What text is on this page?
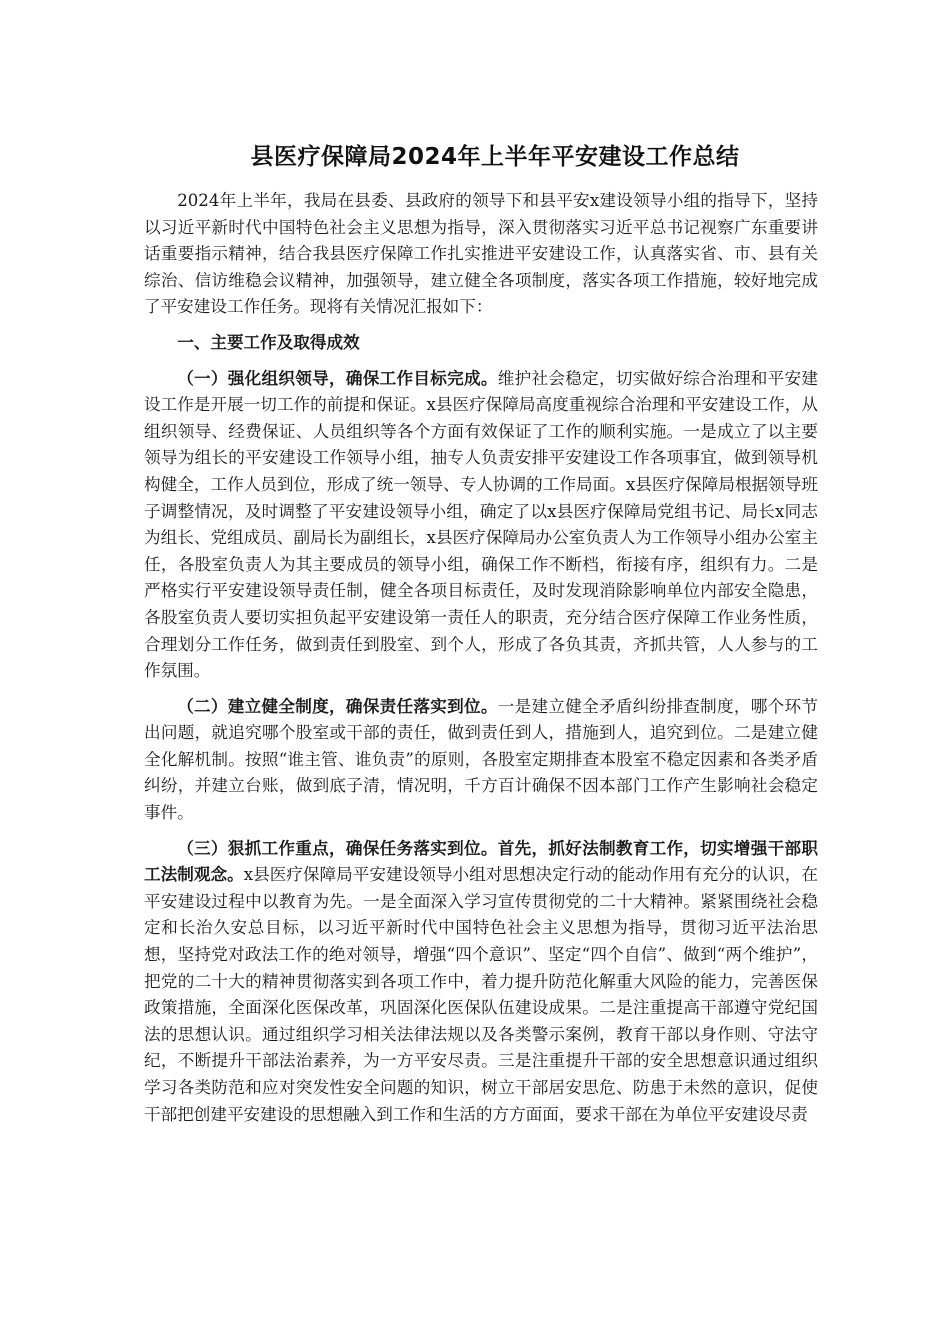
县医疗保障局2024年上半年平安建设工作总结

2024年上半年，我局在县委、县政府的领导下和县平安x建设领导小组的指导下，坚持以习近平新时代中国特色社会主义思想为指导，深入贯彻落实习近平总书记视察广东重要讲话重要指示精神，结合我县医疗保障工作扎实推进平安建设工作，认真落实省、市、县有关综治、信访维稳会议精神，加强领导，建立健全各项制度，落实各项工作措施，较好地完成了平安建设工作任务。现将有关情况汇报如下：

一、主要工作及取得成效

（一）强化组织领导，确保工作目标完成。维护社会稳定，切实做好综合治理和平安建设工作是开展一切工作的前提和保证。x县医疗保障局高度重视综合治理和平安建设工作，从组织领导、经费保证、人员组织等各个方面有效保证了工作的顺利实施。一是成立了以主要领导为组长的平安建设工作领导小组，抽专人负责安排平安建设工作各项事宜，做到领导机构健全，工作人员到位，形成了统一领导、专人协调的工作局面。x县医疗保障局根据领导班子调整情况，及时调整了平安建设领导小组，确定了以x县医疗保障局党组书记、局长x同志为组长、党组成员、副局长为副组长，x县医疗保障局办公室负责人为工作领导小组办公室主任，各股室负责人为其主要成员的领导小组，确保工作不断档，衔接有序，组织有力。二是严格实行平安建设领导责任制，健全各项目标责任，及时发现消除影响单位内部安全隐患，各股室负责人要切实担负起平安建设第一责任人的职责，充分结合医疗保障工作业务性质，合理划分工作任务，做到责任到股室、到个人，形成了各负其责，齐抓共管，人人参与的工作氛围。

（二）建立健全制度，确保责任落实到位。一是建立健全矛盾纠纷排查制度，哪个环节出问题，就追究哪个股室或干部的责任，做到责任到人，措施到人，追究到位。二是建立健全化解机制。按照“谁主管、谁负责”的原则，各股室定期排查本股室不稳定因素和各类矛盾纠纷，并建立台账，做到底子清，情况明，千方百计确保不因本部门工作产生影响社会稳定事件。

（三）狠抓工作重点，确保任务落实到位。首先，抓好法制教育工作，切实增强干部职工法制观念。x县医疗保障局平安建设领导小组对思想决定行动的能动作用有充分的认识，在平安建设过程中以教育为先。一是全面深入学习宣传贯彻党的二十大精神。紧紧围绕社会稳定和长治久安总目标，以习近平新时代中国特色社会主义思想为指导，贯彻习近平法治思想，坚持党对政法工作的绝对领导，增强“四个意识”、坚定“四个自信”、做到“两个维护”，把党的二十大的精神贯彻落实到各项工作中，着力提升防范化解重大风险的能力，完善医保政策措施，全面深化医保改革，巩固深化医保队伍建设成果。二是注重提高干部遵守党纪国法的思想认识。通过组织学习相关法律法规以及各类警示案例，教育干部以身作则、守法守纪，不断提升干部法治素养，为一方平安尽责。三是注重提升干部的安全思想意识通过组织学习各类防范和应对突发性安全问题的知识，树立干部居安思危、防患于未然的意识，促使干部把创建平安建设的思想融入到工作和生活的方方面面，要求干部在为单位平安建设尽责
